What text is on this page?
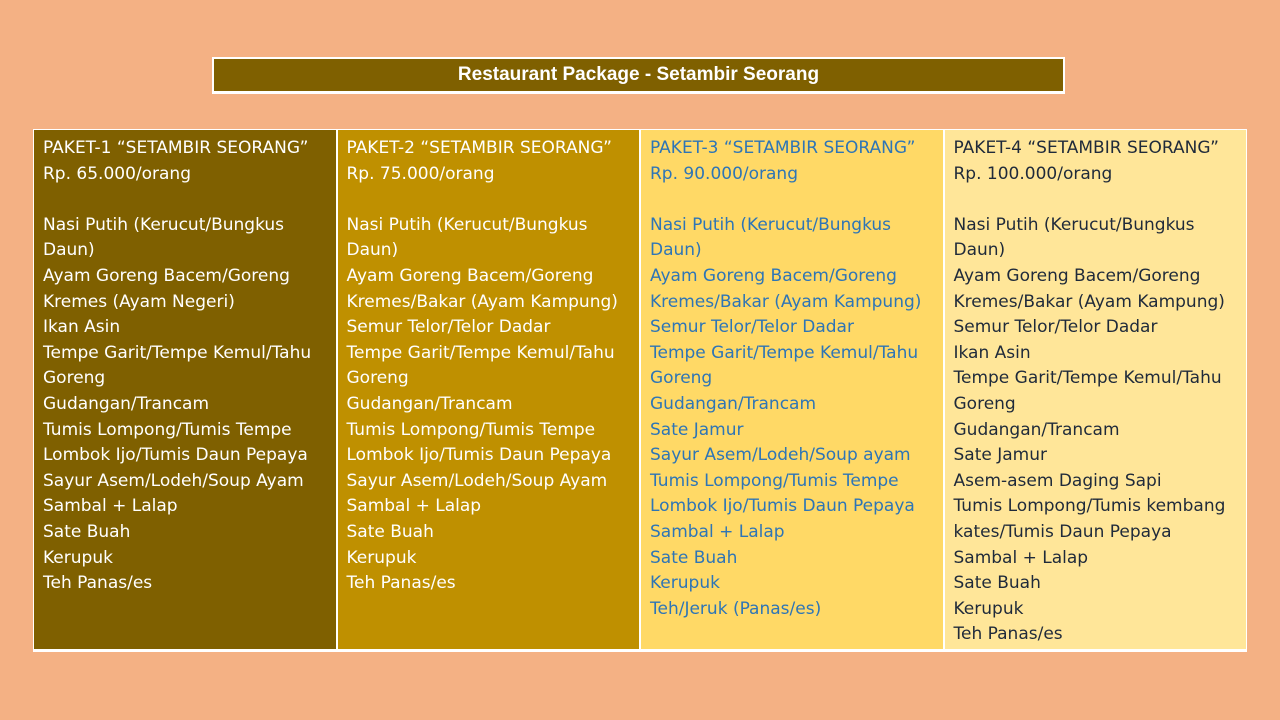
Restaurant Package - Setambir Seorang
PAKET-1 “SETAMBIR SEORANG”
Rp. 65.000/orang
Nasi Putih (Kerucut/Bungkus
Daun)
Ayam Goreng Bacem/Goreng
Kremes (Ayam Negeri)
Ikan Asin
Tempe Garit/Tempe Kemul/Tahu
Goreng
Gudangan/Trancam
Tumis Lompong/Tumis Tempe
Lombok Ijo/Tumis Daun Pepaya
Sayur Asem/Lodeh/Soup Ayam
Sambal + Lalap
Sate Buah
Kerupuk
Teh Panas/es
PAKET-2 “SETAMBIR SEORANG”
Rp. 75.000/orang
Nasi Putih (Kerucut/Bungkus
Daun)
Ayam Goreng Bacem/Goreng
Kremes/Bakar (Ayam Kampung)
Semur Telor/Telor Dadar
Tempe Garit/Tempe Kemul/Tahu
Goreng
Gudangan/Trancam
Tumis Lompong/Tumis Tempe
Lombok Ijo/Tumis Daun Pepaya
Sayur Asem/Lodeh/Soup Ayam
Sambal + Lalap
Sate Buah
Kerupuk
Teh Panas/es
PAKET-3 “SETAMBIR SEORANG”
Rp. 90.000/orang
Nasi Putih (Kerucut/Bungkus
Daun)
Ayam Goreng Bacem/Goreng
Kremes/Bakar (Ayam Kampung)
Semur Telor/Telor Dadar
Tempe Garit/Tempe Kemul/Tahu
Goreng
Gudangan/Trancam
Sate Jamur
Sayur Asem/Lodeh/Soup ayam
Tumis Lompong/Tumis Tempe
Lombok Ijo/Tumis Daun Pepaya
Sambal + Lalap
Sate Buah
Kerupuk
Teh/Jeruk (Panas/es)
PAKET-4 “SETAMBIR SEORANG”
Rp. 100.000/orang
Nasi Putih (Kerucut/Bungkus
Daun)
Ayam Goreng Bacem/Goreng
Kremes/Bakar (Ayam Kampung)
Semur Telor/Telor Dadar
Ikan Asin
Tempe Garit/Tempe Kemul/Tahu
Goreng
Gudangan/Trancam
Sate Jamur
Asem-asem Daging Sapi
Tumis Lompong/Tumis kembang
kates/Tumis Daun Pepaya
Sambal + Lalap
Sate Buah
Kerupuk
Teh Panas/es
